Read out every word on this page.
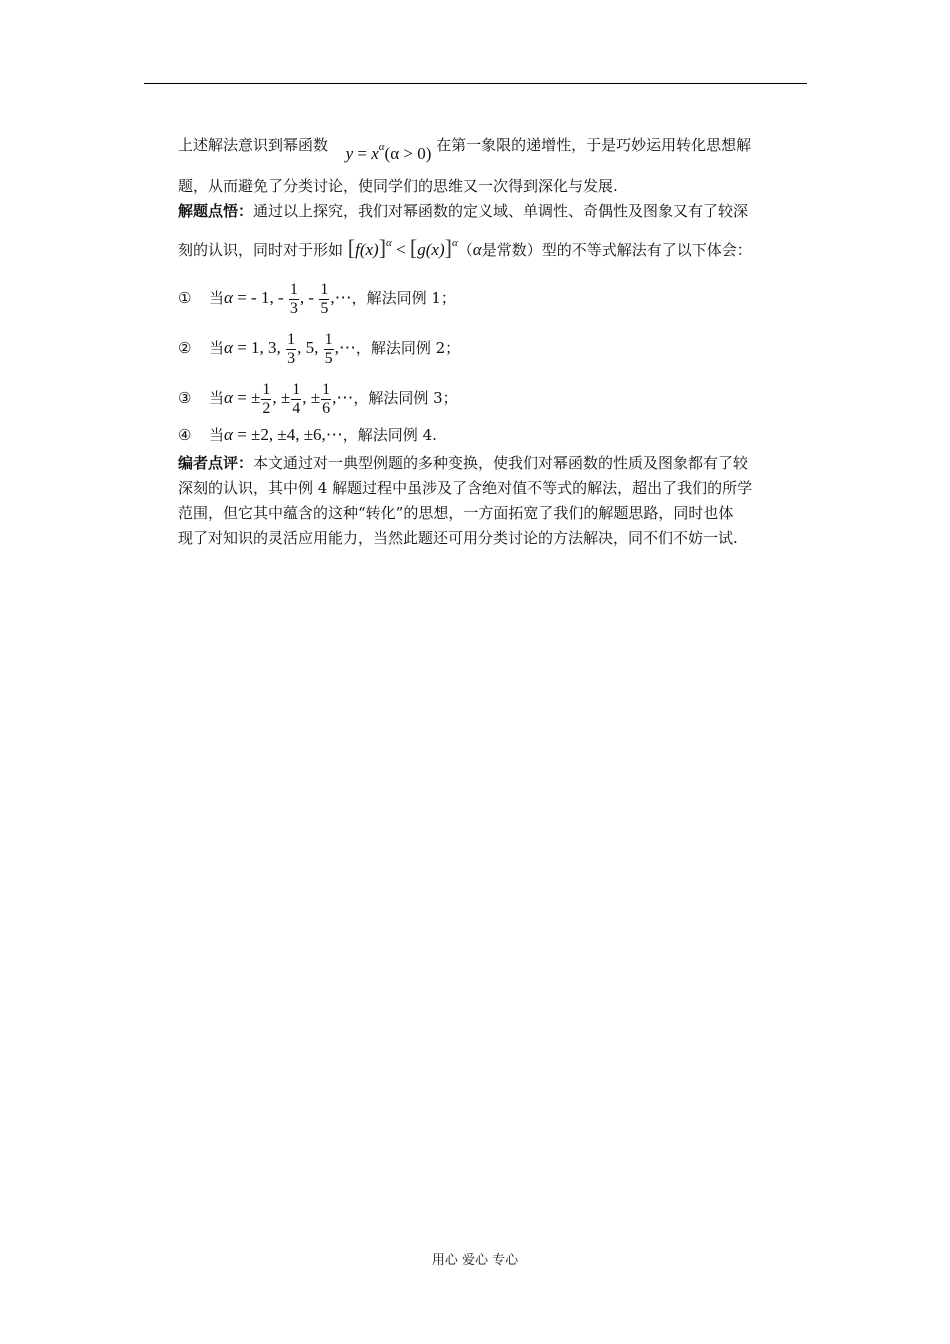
上述解法意识到幂函数 $y = x^\alpha(\alpha > 0)$ 在第一象限的递增性，于是巧妙运用转化思想解
题，从而避免了分类讨论，使同学们的思维又一次得到深化与发展.
解题点悟：通过以上探究，我们对幂函数的定义域、单调性、奇偶性及图象又有了较深
刻的认识，同时对于形如 $[f(x)]^\alpha < [g(x)]^\alpha(\alpha$是常数）型的不等式解法有了以下体会：
① 当α = - 1, - $\frac{1}{3}$ , - $\frac{1}{5}$ ,⋯，解法同例 1；
② 当α = 1, 3, $\frac{1}{3}$ , 5, $\frac{1}{5}$ ,⋯，解法同例 2；
③ 当α = ± $\frac{1}{2}$ , ± $\frac{1}{4}$ , ± $\frac{1}{6}$ ,⋯，解法同例 3；
④ 当α = ±2, ±4, ±6,⋯，解法同例 4.
编者点评：本文通过对一典型例题的多种变换，使我们对幂函数的性质及图象都有了较
深刻的认识，其中例 4 解题过程中虽涉及了含绝对值不等式的解法，超出了我们的所学
范围，但它其中蕴含的这种“转化”的思想，一方面拓宽了我们的解题思路，同时也体
现了对知识的灵活应用能力，当然此题还可用分类讨论的方法解决，同不们不妨一试.
用心 爱心 专心
